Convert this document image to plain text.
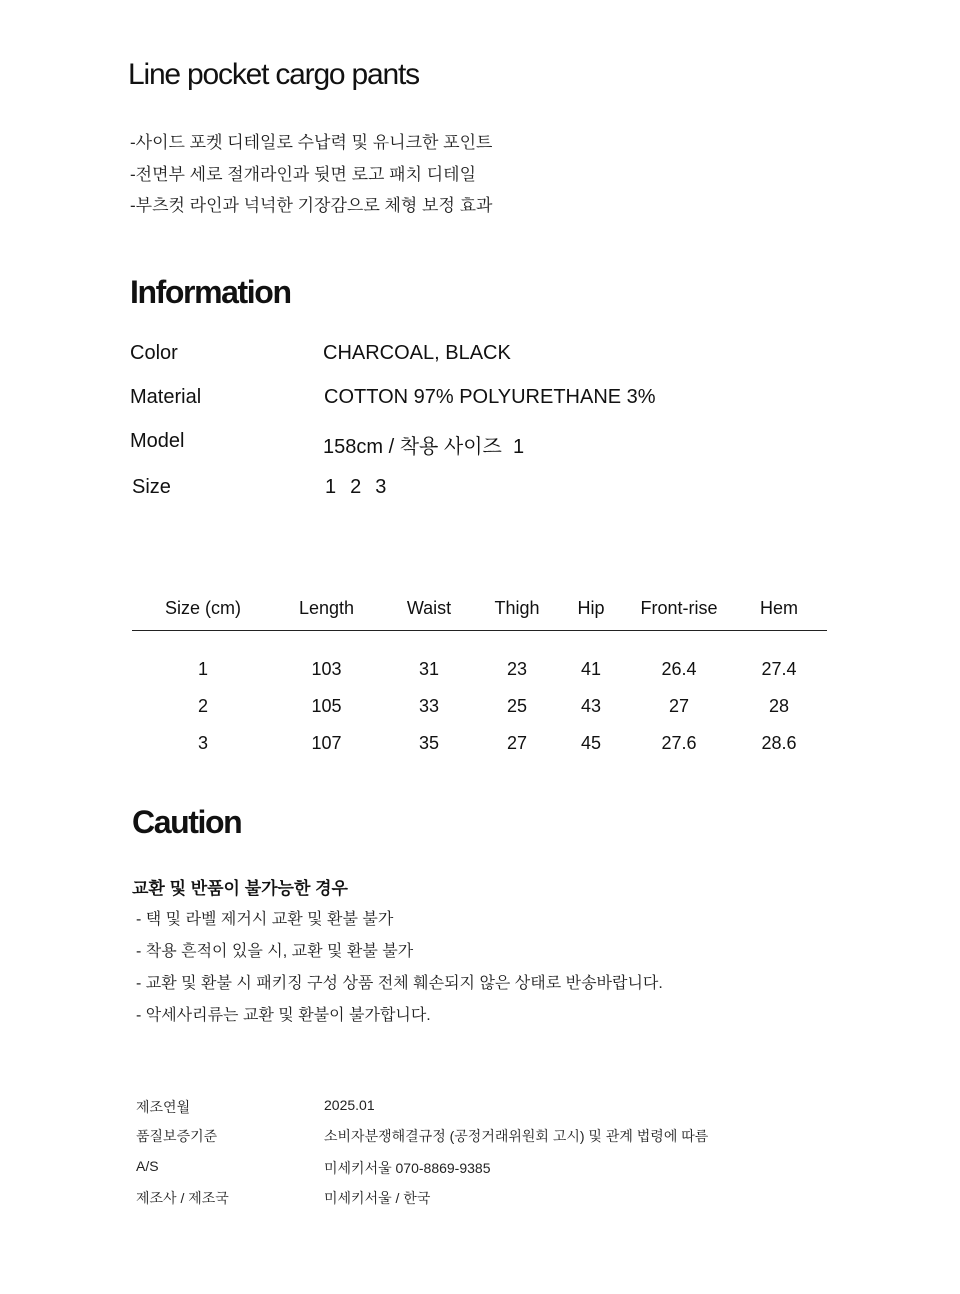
Line pocket cargo pants
-사이드 포켓 디테일로 수납력 및 유니크한 포인트
-전면부 세로 절개라인과 뒷면 로고 패치 디테일
-부츠컷 라인과 넉넉한 기장감으로 체형 보정 효과
Information
Color	CHARCOAL, BLACK
Material	COTTON 97% POLYURETHANE 3%
Model	158cm / 착용 사이즈  1
Size	1 2 3
Size (cm)	Length	Waist	Thigh	Hip	Front-rise	Hem
1	103	31	23	41	26.4	27.4
2	105	33	25	43	27	28
3	107	35	27	45	27.6	28.6
Caution
교환 및 반품이 불가능한 경우
- 택 및 라벨 제거시 교환 및 환불 불가
- 착용 흔적이 있을 시, 교환 및 환불 불가
- 교환 및 환불 시 패키징 구성 상품 전체 훼손되지 않은 상태로 반송바랍니다.
- 악세사리류는 교환 및 환불이 불가합니다.
제조연월	2025.01
품질보증기준	소비자분쟁해결규정 (공정거래위원회 고시) 및 관계 법령에 따름
A/S	미세키서울 070-8869-9385
제조사 / 제조국	미세키서울 / 한국
